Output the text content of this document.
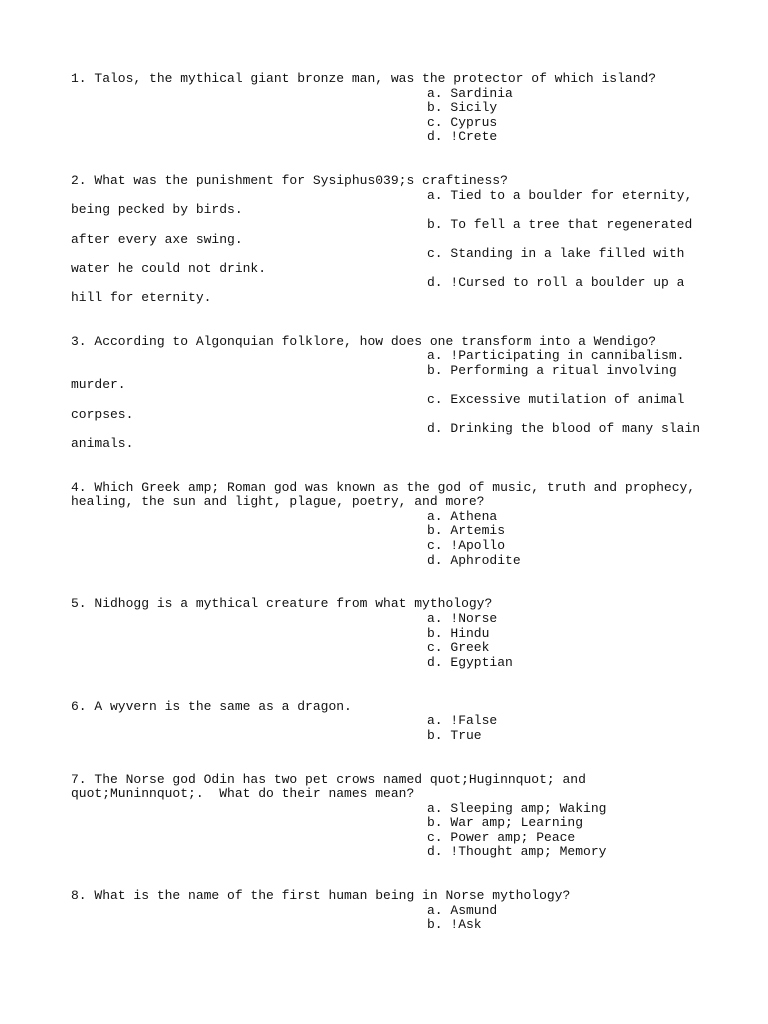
1. Talos, the mythical giant bronze man, was the protector of which island?
a. Sardinia
b. Sicily
c. Cyprus
d. !Crete
2. What was the punishment for Sysiphus039;s craftiness?
a. Tied to a boulder for eternity,
being pecked by birds.
b. To fell a tree that regenerated
after every axe swing.
c. Standing in a lake filled with
water he could not drink.
d. !Cursed to roll a boulder up a
hill for eternity.
3. According to Algonquian folklore, how does one transform into a Wendigo?
a. !Participating in cannibalism.
b. Performing a ritual involving
murder.
c. Excessive mutilation of animal
corpses.
d. Drinking the blood of many slain
animals.
4. Which Greek amp; Roman god was known as the god of music, truth and prophecy,
healing, the sun and light, plague, poetry, and more?
a. Athena
b. Artemis
c. !Apollo
d. Aphrodite
5. Nidhogg is a mythical creature from what mythology?
a. !Norse
b. Hindu
c. Greek
d. Egyptian
6. A wyvern is the same as a dragon.
a. !False
b. True
7. The Norse god Odin has two pet crows named quot;Huginnquot; and
quot;Muninnquot;.  What do their names mean?
a. Sleeping amp; Waking
b. War amp; Learning
c. Power amp; Peace
d. !Thought amp; Memory
8. What is the name of the first human being in Norse mythology?
a. Asmund
b. !Ask
